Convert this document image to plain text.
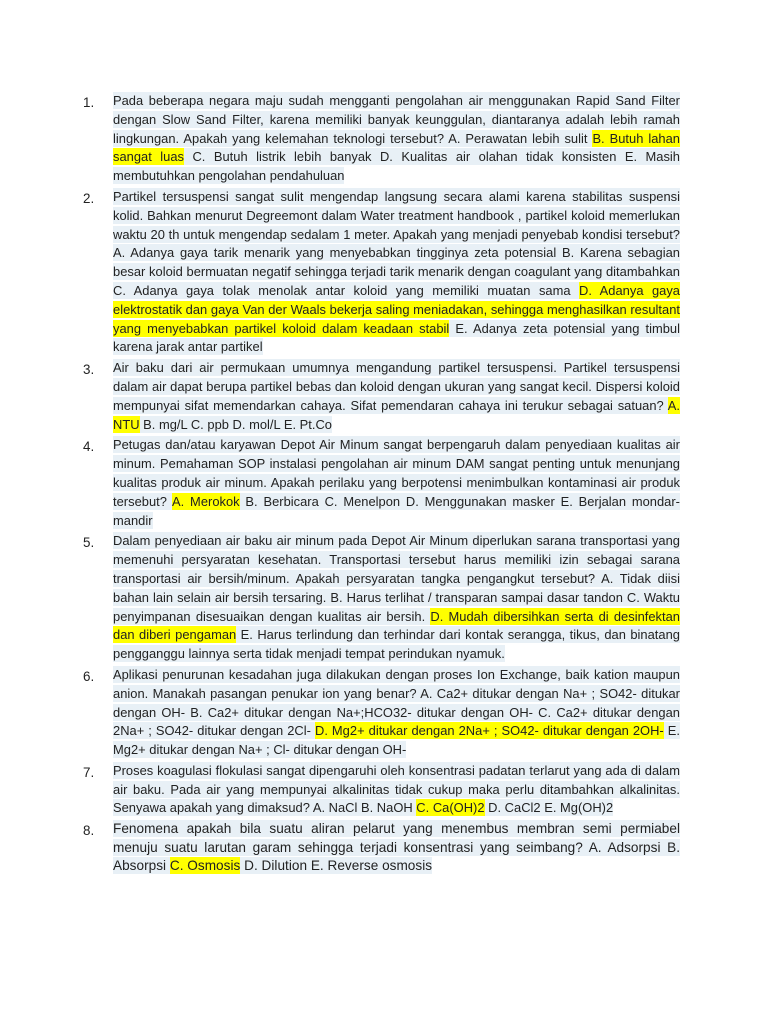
1. Pada beberapa negara maju sudah mengganti pengolahan air menggunakan Rapid Sand Filter dengan Slow Sand Filter, karena memiliki banyak keunggulan, diantaranya adalah lebih ramah lingkungan. Apakah yang kelemahan teknologi tersebut? A. Perawatan lebih sulit B. Butuh lahan sangat luas C. Butuh listrik lebih banyak D. Kualitas air olahan tidak konsisten E. Masih membutuhkan pengolahan pendahuluan
2. Partikel tersuspensi sangat sulit mengendap langsung secara alami karena stabilitas suspensi kolid. Bahkan menurut Degreemont dalam Water treatment handbook , partikel koloid memerlukan waktu 20 th untuk mengendap sedalam 1 meter. Apakah yang menjadi penyebab kondisi tersebut? A. Adanya gaya tarik menarik yang menyebabkan tingginya zeta potensial B. Karena sebagian besar koloid bermuatan negatif sehingga terjadi tarik menarik dengan coagulant yang ditambahkan C. Adanya gaya tolak menolak antar koloid yang memiliki muatan sama D. Adanya gaya elektrostatik dan gaya Van der Waals bekerja saling meniadakan, sehingga menghasilkan resultant yang menyebabkan partikel koloid dalam keadaan stabil E. Adanya zeta potensial yang timbul karena jarak antar partikel
3. Air baku dari air permukaan umumnya mengandung partikel tersuspensi. Partikel tersuspensi dalam air dapat berupa partikel bebas dan koloid dengan ukuran yang sangat kecil. Dispersi koloid mempunyai sifat memendarkan cahaya. Sifat pemendaran cahaya ini terukur sebagai satuan? A. NTU B. mg/L C. ppb D. mol/L E. Pt.Co
4. Petugas dan/atau karyawan Depot Air Minum sangat berpengaruh dalam penyediaan kualitas air minum. Pemahaman SOP instalasi pengolahan air minum DAM sangat penting untuk menunjang kualitas produk air minum. Apakah perilaku yang berpotensi menimbulkan kontaminasi air produk tersebut? A. Merokok B. Berbicara C. Menelpon D. Menggunakan masker E. Berjalan mondar-mandir
5. Dalam penyediaan air baku air minum pada Depot Air Minum diperlukan sarana transportasi yang memenuhi persyaratan kesehatan. Transportasi tersebut harus memiliki izin sebagai sarana transportasi air bersih/minum. Apakah persyaratan tangka pengangkut tersebut? A. Tidak diisi bahan lain selain air bersih tersaring. B. Harus terlihat / transparan sampai dasar tandon C. Waktu penyimpanan disesuaikan dengan kualitas air bersih. D. Mudah dibersihkan serta di desinfektan dan diberi pengaman E. Harus terlindung dan terhindar dari kontak serangga, tikus, dan binatang pengganggu lainnya serta tidak menjadi tempat perindukan nyamuk.
6. Aplikasi penurunan kesadahan juga dilakukan dengan proses Ion Exchange, baik kation maupun anion. Manakah pasangan penukar ion yang benar? A. Ca2+ ditukar dengan Na+ ; SO42- ditukar dengan OH- B. Ca2+ ditukar dengan Na+;HCO32- ditukar dengan OH- C. Ca2+ ditukar dengan 2Na+ ; SO42- ditukar dengan 2Cl- D. Mg2+ ditukar dengan 2Na+ ; SO42- ditukar dengan 2OH- E. Mg2+ ditukar dengan Na+ ; Cl- ditukar dengan OH-
7. Proses koagulasi flokulasi sangat dipengaruhi oleh konsentrasi padatan terlarut yang ada di dalam air baku. Pada air yang mempunyai alkalinitas tidak cukup maka perlu ditambahkan alkalinitas. Senyawa apakah yang dimaksud? A. NaCl B. NaOH C. Ca(OH)2 D. CaCl2 E. Mg(OH)2
8. Fenomena apakah bila suatu aliran pelarut yang menembus membran semi permiabel menuju suatu larutan garam sehingga terjadi konsentrasi yang seimbang? A. Adsorpsi B. Absorpsi C. Osmosis D. Dilution E. Reverse osmosis
